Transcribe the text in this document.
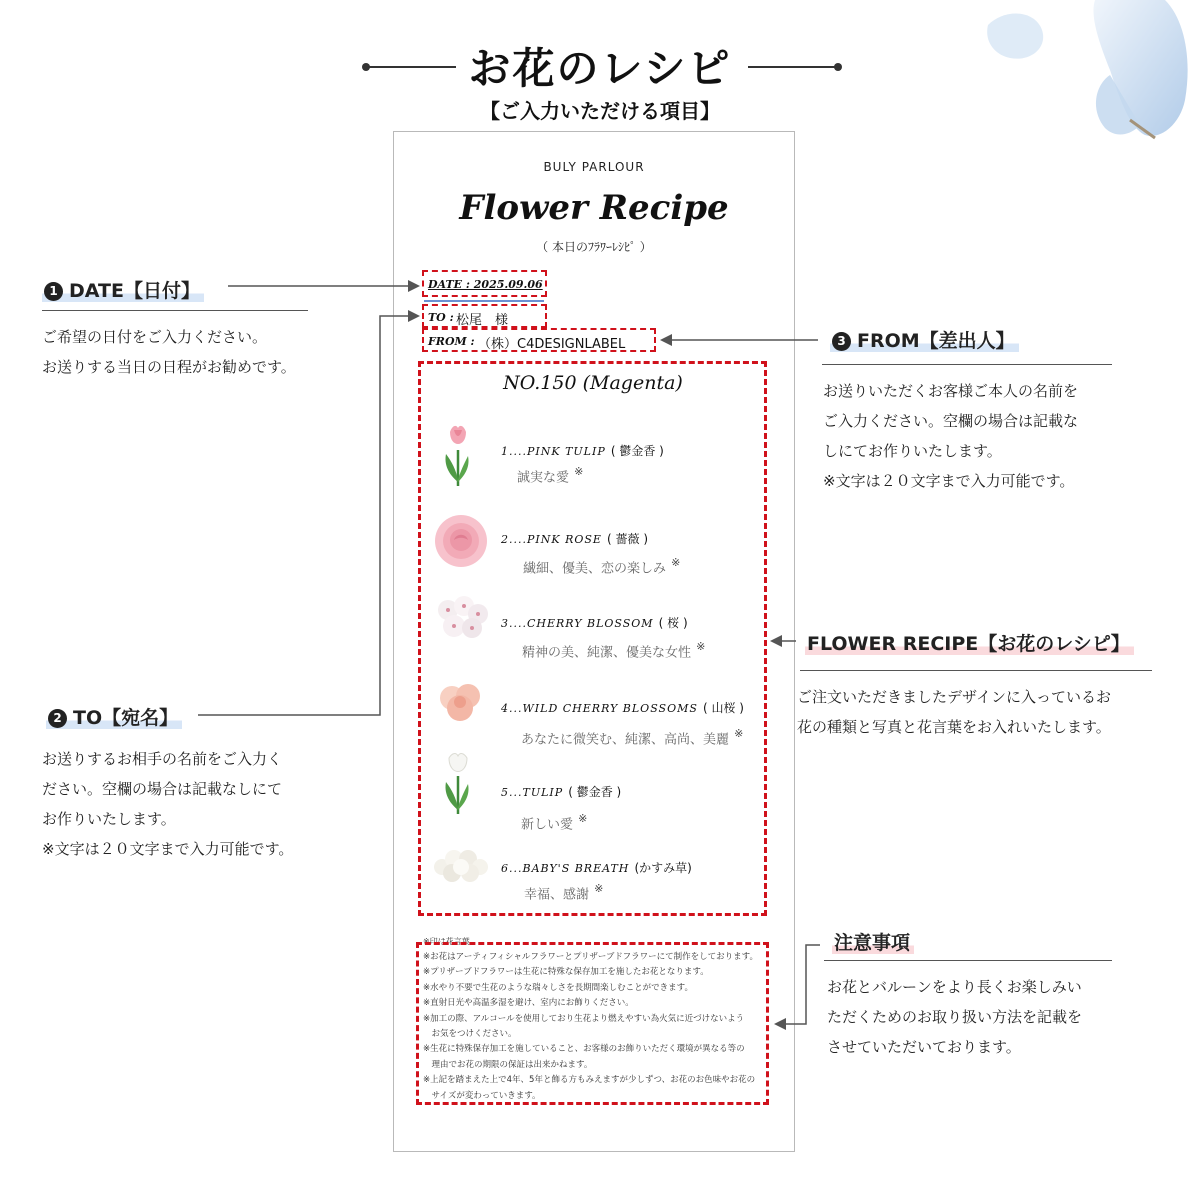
お花のレシピ
【ご入力いただける項目】
BULY PARLOUR
Flower Recipe
（ 本日のﾌﾗﾜｰﾚｼﾋﾟ ）
DATE : 2025.09.06
TO : 松尾　様
FROM : （株）C4DESIGNLABEL
NO.150 (Magenta)
1....PINK TULIP ( 鬱金香 )
誠実な愛 ※
2....PINK ROSE ( 薔薇 )
繊細、優美、恋の楽しみ ※
3....CHERRY BLOSSOM ( 桜 )
精神の美、純潔、優美な女性 ※
4...WILD CHERRY BLOSSOMS ( 山桜 )
あなたに微笑む、純潔、高尚、美麗 ※
5...TULIP ( 鬱金香 )
新しい愛 ※
6...BABY'S BREATH (かすみ草)
幸福、感謝 ※
※印は花言葉
※お花はアーティフィシャルフラワーとプリザーブドフラワーにて制作をしております。
※プリザーブドフラワーは生花に特殊な保存加工を施したお花となります。
※水やり不要で生花のような瑞々しさを長期間楽しむことができます。
※直射日光や高温多湿を避け、室内にお飾りください。
※加工の際、アルコールを使用しており生花より燃えやすい為火気に近づけないよう
　お気をつけください。
※生花に特殊保存加工を施していること、お客様のお飾りいただく環境が異なる等の
　理由でお花の期限の保証は出来かねます。
※上記を踏まえた上で4年、5年と飾る方もみえますが少しずつ、お花のお色味やお花の
　サイズが変わっていきます。
1 DATE【日付】
ご希望の日付をご入力ください。
お送りする当日の日程がお勧めです。
2 TO【宛名】
お送りするお相手の名前をご入力く
ださい。空欄の場合は記載なしにて
お作りいたします。
※文字は２０文字まで入力可能です。
3 FROM【差出人】
お送りいただくお客様ご本人の名前を
ご入力ください。空欄の場合は記載な
しにてお作りいたします。
※文字は２０文字まで入力可能です。
FLOWER RECIPE【お花のレシピ】
ご注文いただきましたデザインに入っているお
花の種類と写真と花言葉をお入れいたします。
注意事項
お花とバルーンをより長くお楽しみい
ただくためのお取り扱い方法を記載を
させていただいております。
